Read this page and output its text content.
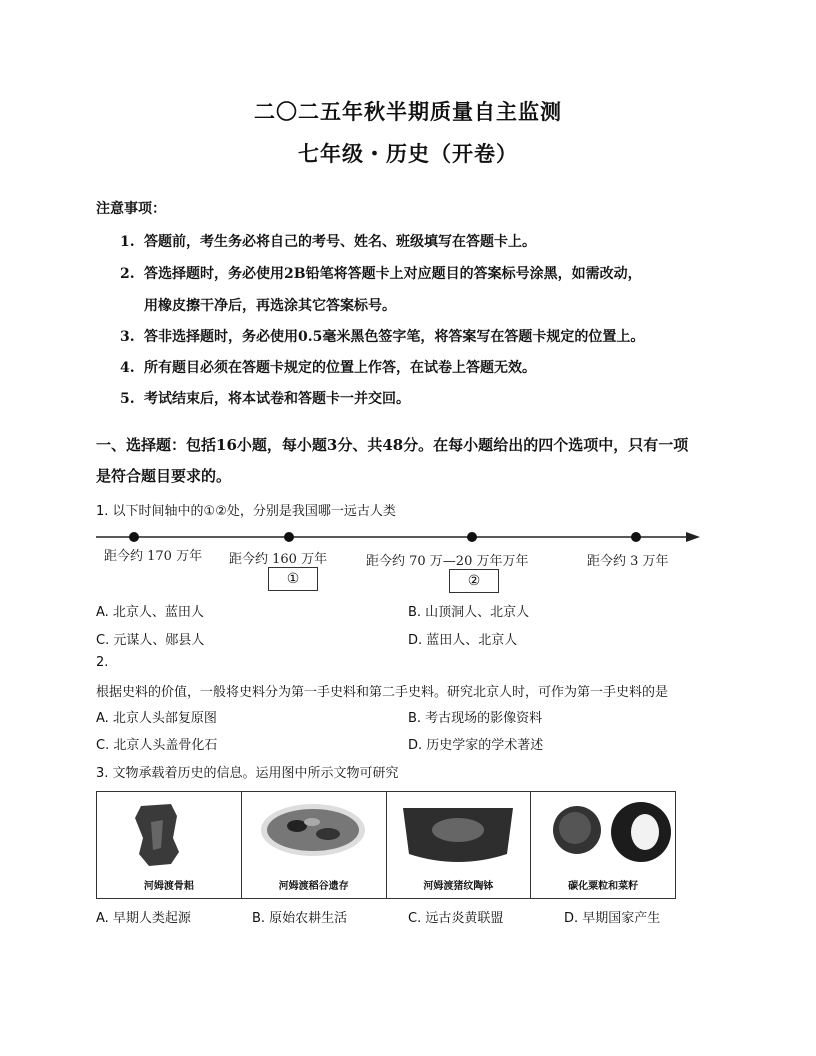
二〇二五年秋半期质量自主监测
七年级・历史（开卷）
注意事项：
1. 答题前，考生务必将自己的考号、姓名、班级填写在答题卡上。
2. 答选择题时，务必使用2B铅笔将答题卡上对应题目的答案标号涂黑，如需改动，
用橡皮擦干净后，再选涂其它答案标号。
3. 答非选择题时，务必使用0.5毫米黑色签字笔，将答案写在答题卡规定的位置上。
4. 所有题目必须在答题卡规定的位置上作答，在试卷上答题无效。
5. 考试结束后，将本试卷和答题卡一并交回。
一、选择题：包括16小题，每小题3分、共48分。在每小题给出的四个选项中，只有一项
是符合题目要求的。
1. 以下时间轴中的①②处，分别是我国哪一远古人类
距今约 170 万年 距今约 160 万年	距今约 70 万—20 万年万年	距今约 3 万年
①	②
A. 北京人、蓝田人	B. 山顶洞人、北京人
C. 元谋人、郧县人	D. 蓝田人、北京人
2.
根据史料的价值，一般将史料分为第一手史料和第二手史料。研究北京人时，可作为第一手史料的是
A. 北京人头部复原图	B. 考古现场的影像资料
C. 北京人头盖骨化石	D. 历史学家的学术著述
3. 文物承载着历史的信息。运用图中所示文物可研究
河姆渡骨耜	河姆渡稻谷遗存	河姆渡猪纹陶钵	碳化粟粒和菜籽
A. 早期人类起源	B. 原始农耕生活	C. 远古炎黄联盟	D. 早期国家产生
